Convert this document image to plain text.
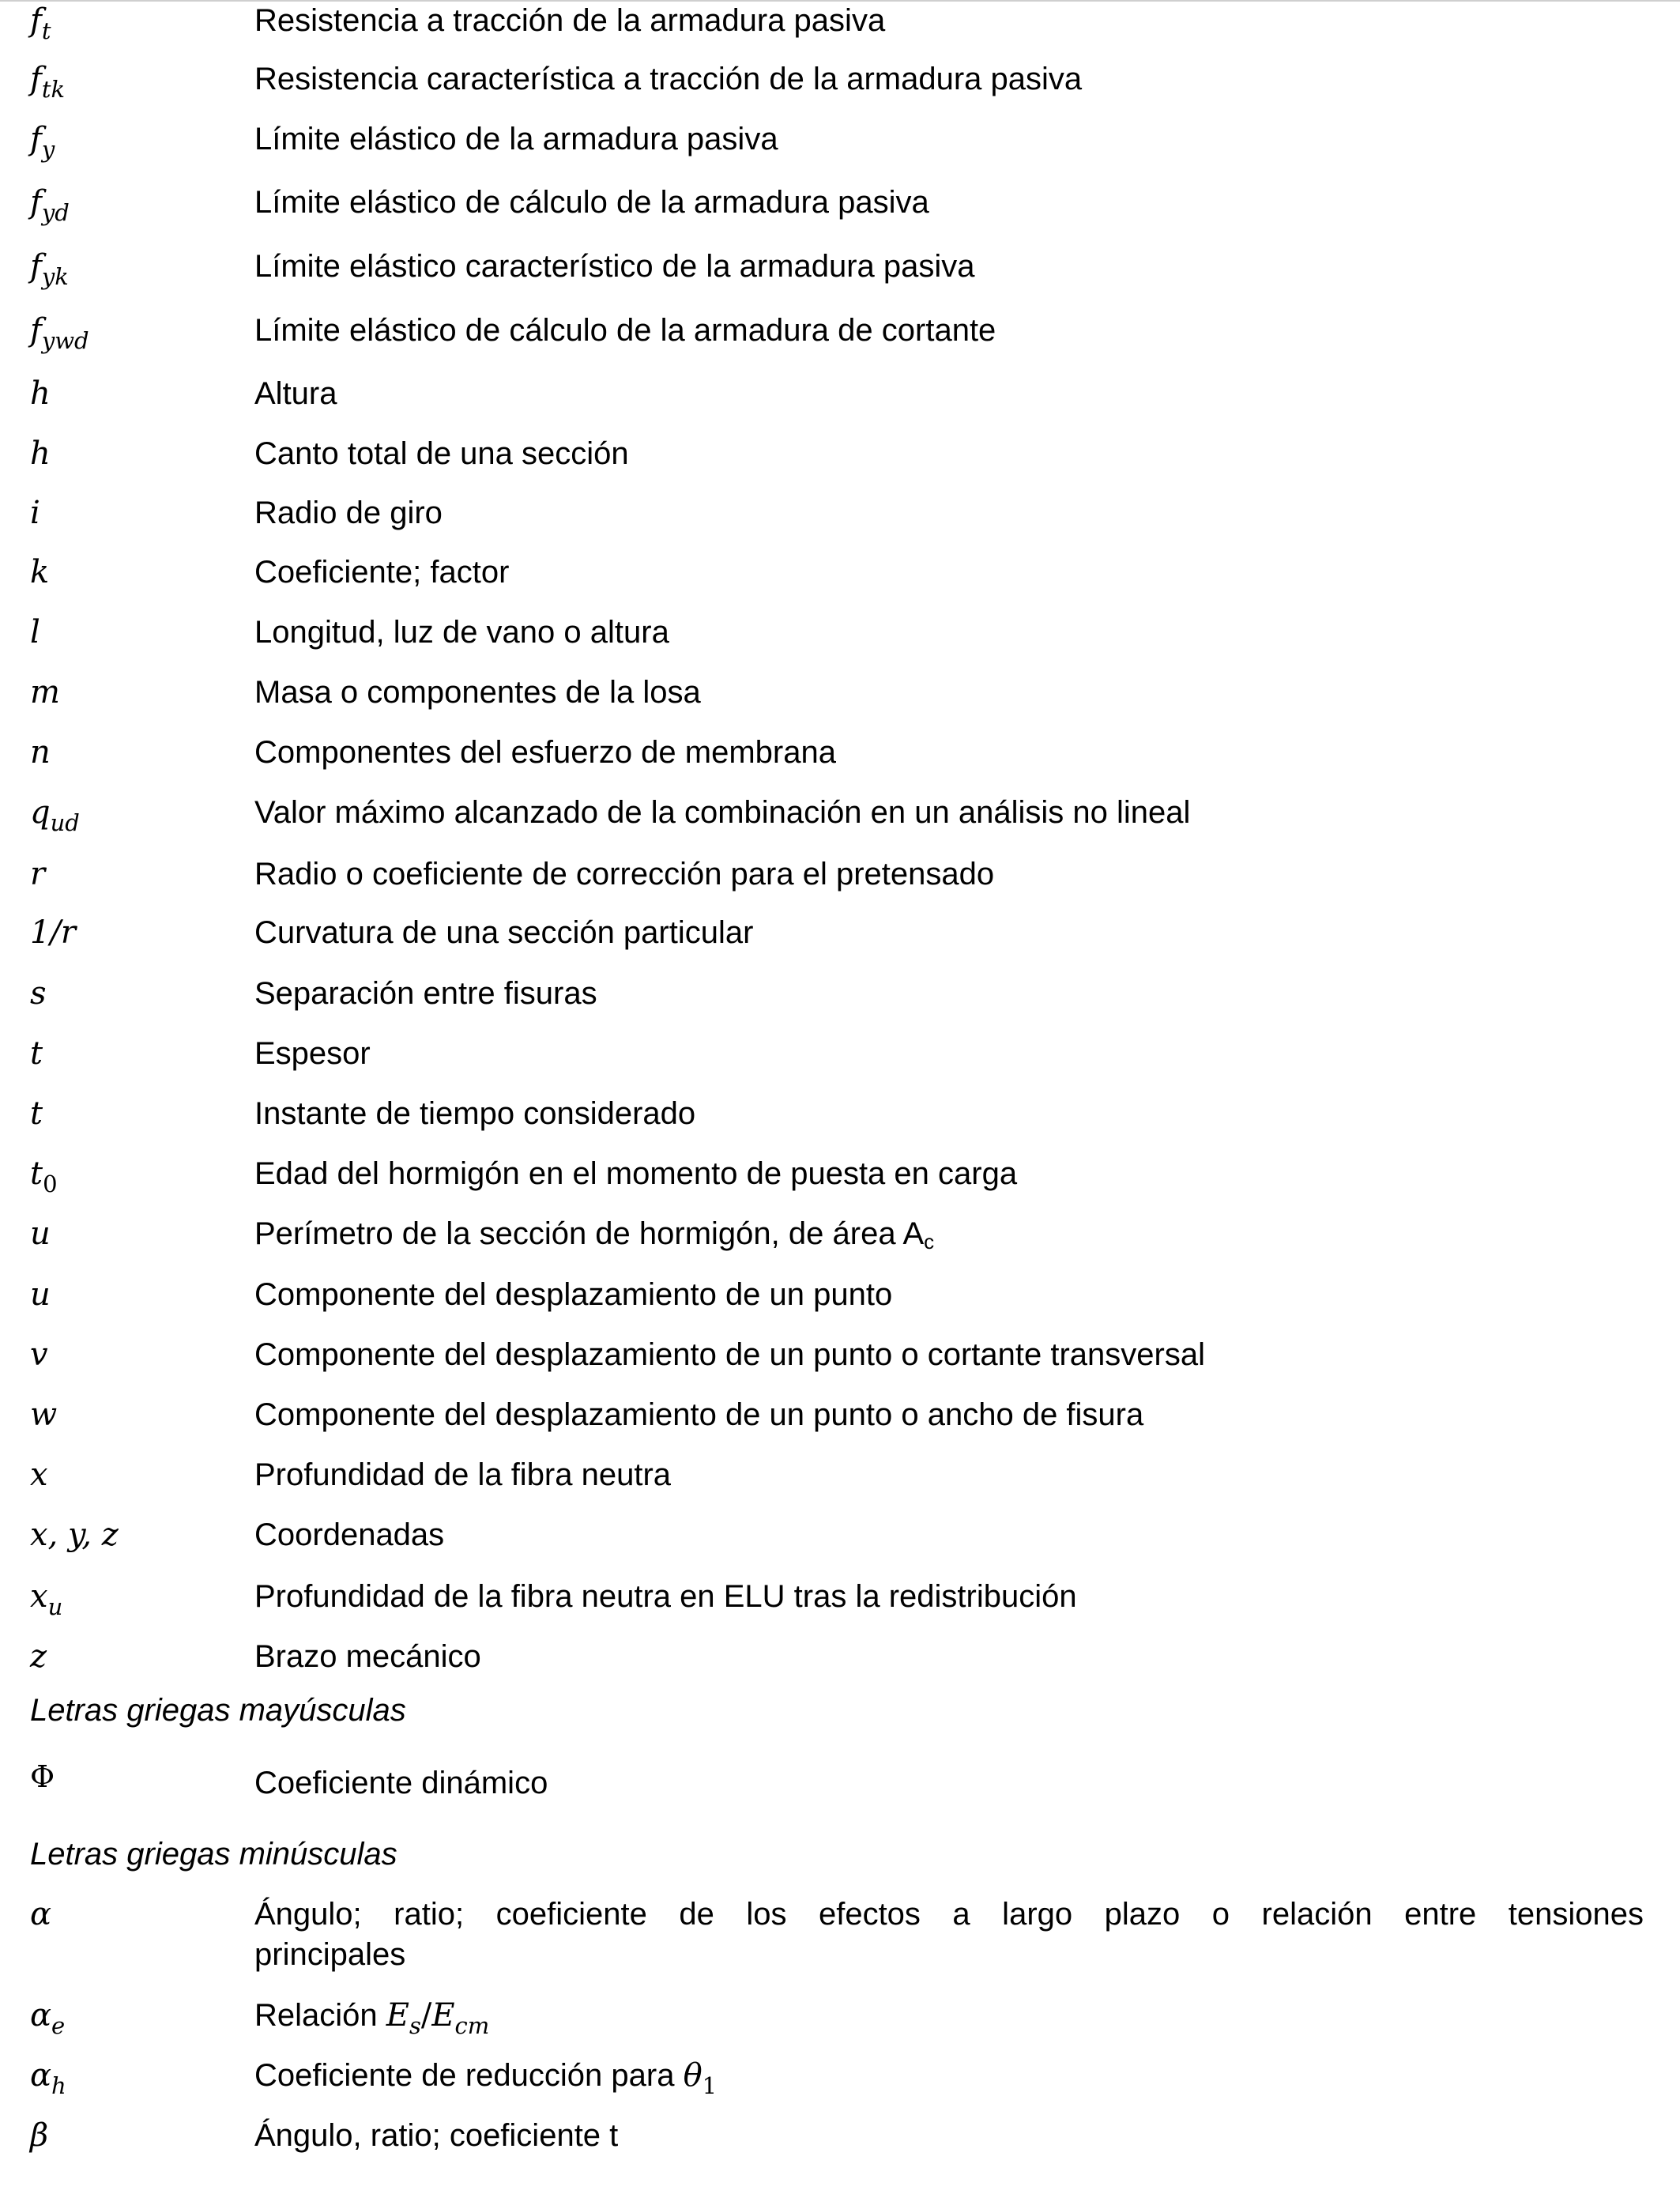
$f_t$	Resistencia a tracción de la armadura pasiva
$f_{tk}$	Resistencia característica a tracción de la armadura pasiva
$f_y$	Límite elástico de la armadura pasiva
$f_{yd}$	Límite elástico de cálculo de la armadura pasiva
$f_{yk}$	Límite elástico característico de la armadura pasiva
$f_{ywd}$	Límite elástico de cálculo de la armadura de cortante
h	Altura
h	Canto total de una sección
i	Radio de giro
k	Coeficiente; factor
l	Longitud, luz de vano o altura
m	Masa o componentes de la losa
n	Componentes del esfuerzo de membrana
$q_{ud}$	Valor máximo alcanzado de la combinación en un análisis no lineal
r	Radio o coeficiente de corrección para el pretensado
1/r	Curvatura de una sección particular
s	Separación entre fisuras
t	Espesor
t	Instante de tiempo considerado
$t_0$	Edad del hormigón en el momento de puesta en carga
u	Perímetro de la sección de hormigón, de área $A_c$
u	Componente del desplazamiento de un punto
v	Componente del desplazamiento de un punto o cortante transversal
w	Componente del desplazamiento de un punto o ancho de fisura
x	Profundidad de la fibra neutra
x, y, z	Coordenadas
$x_u$	Profundidad de la fibra neutra en ELU tras la redistribución
z	Brazo mecánico
Letras griegas mayúsculas
Φ	Coeficiente dinámico
Letras griegas minúsculas
α	Ángulo; ratio; coeficiente de los efectos a largo plazo o relación entre tensiones
principales
$\alpha_e$	Relación $E_s/E_{cm}$
$\alpha_h$	Coeficiente de reducción para $\theta_1$
β	Ángulo, ratio; coeficiente t
